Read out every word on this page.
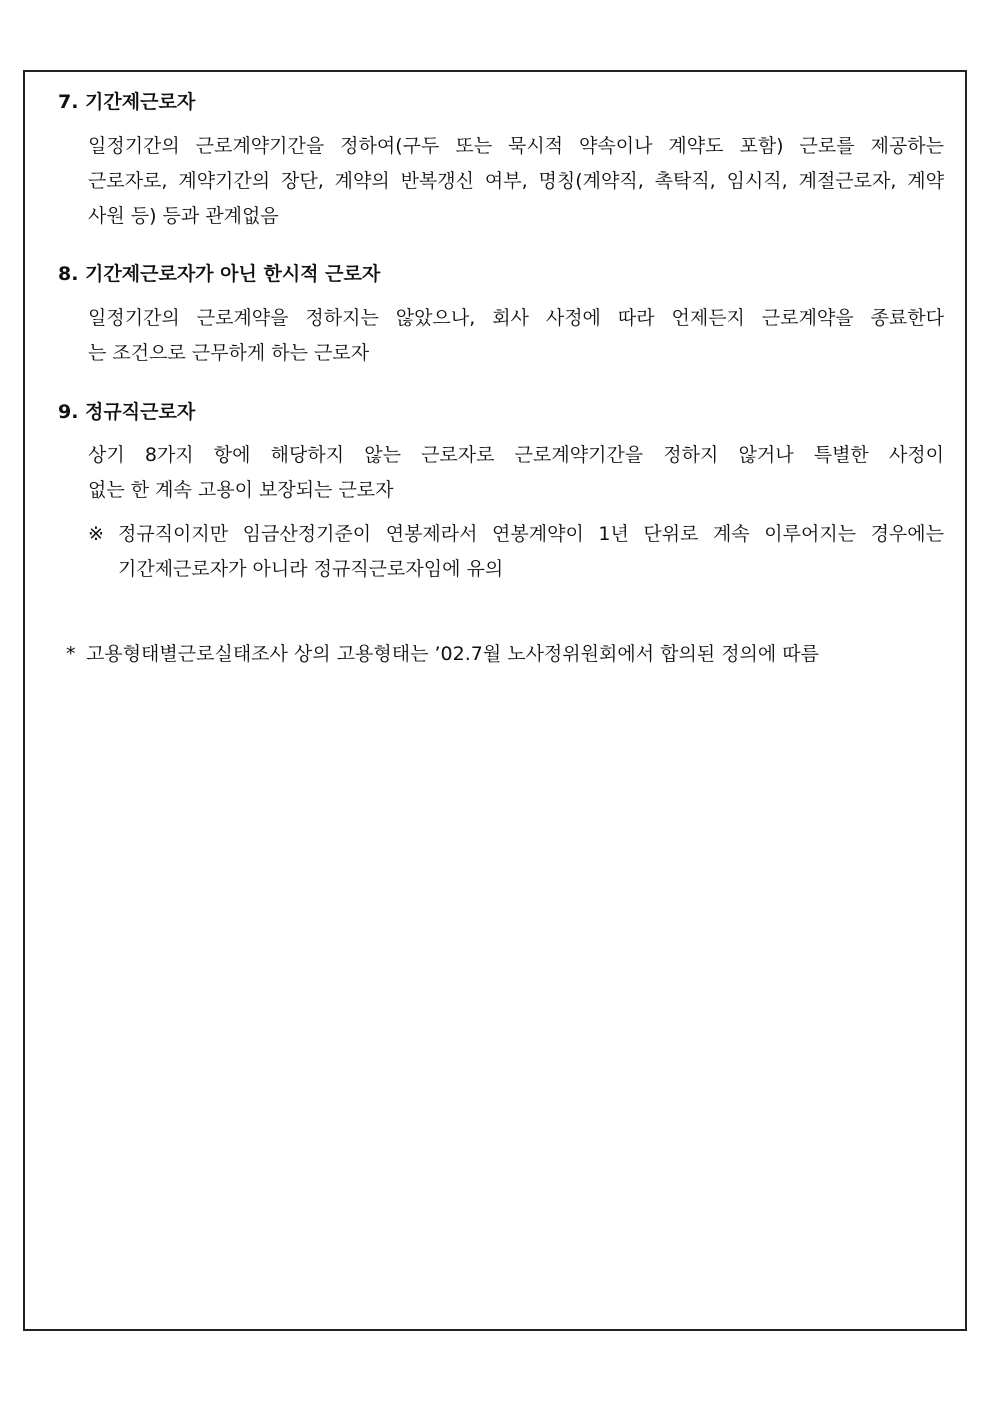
7. 기간제근로자
일정기간의 근로계약기간을 정하여(구두 또는 묵시적 약속이나 계약도 포함) 근로를 제공하는
근로자로, 계약기간의 장단, 계약의 반복갱신 여부, 명칭(계약직, 촉탁직, 임시직, 계절근로자, 계약
사원 등) 등과 관계없음
8. 기간제근로자가 아닌 한시적 근로자
일정기간의 근로계약을 정하지는 않았으나, 회사 사정에 따라 언제든지 근로계약을 종료한다
는 조건으로 근무하게 하는 근로자
9. 정규직근로자
상기 8가지 항에 해당하지 않는 근로자로 근로계약기간을 정하지 않거나 특별한 사정이
없는 한 계속 고용이 보장되는 근로자
※ 정규직이지만 임금산정기준이 연봉제라서 연봉계약이 1년 단위로 계속 이루어지는 경우에는
기간제근로자가 아니라 정규직근로자임에 유의
* 고용형태별근로실태조사 상의 고용형태는 ’02.7월 노사정위원회에서 합의된 정의에 따름
